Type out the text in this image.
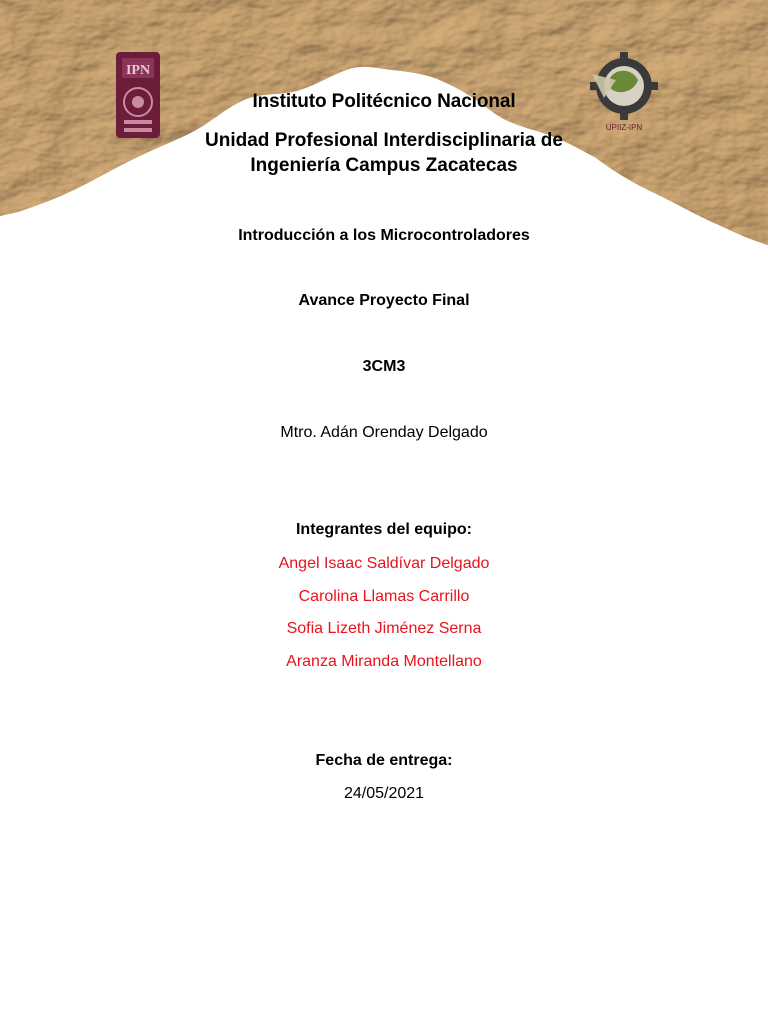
IPN
UPIIZ-IPN
Instituto Politécnico Nacional
Unidad Profesional Interdisciplinaria de
Ingeniería Campus Zacatecas
Introducción a los Microcontroladores
Avance Proyecto Final
3CM3
Mtro. Adán Orenday Delgado
Integrantes del equipo:
Angel Isaac Saldívar Delgado
Carolina Llamas Carrillo
Sofia Lizeth Jiménez Serna
Aranza Miranda Montellano
Fecha de entrega:
24/05/2021
